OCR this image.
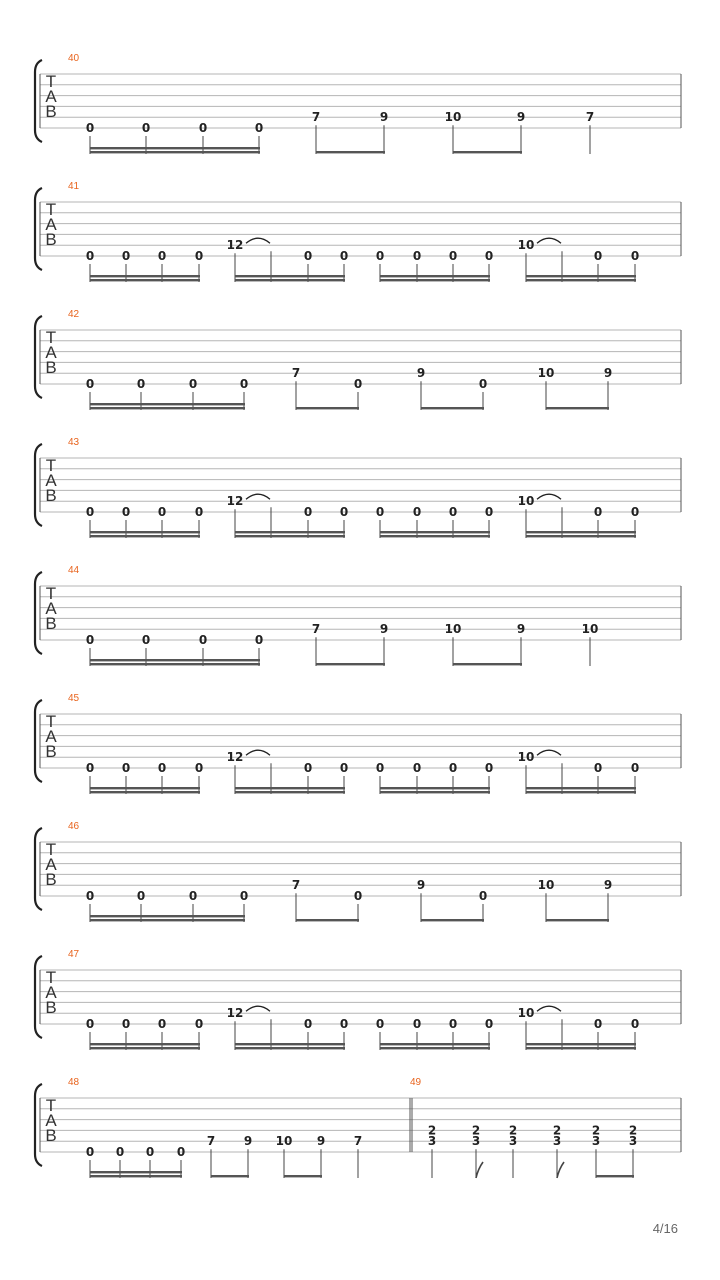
T
A
B
40
0	0	0	0
7	9	10	9	7
T
A
B
41
0 0 0 0
12
0 0 0 0 0 0
10
0 0
T
A
B
42
0	0	0	0
7
0
9
0
10	9
T
A
B
43
0 0 0 0
12
0 0 0 0 0 0
10
0 0
T
A
B
44
0	0	0	0
7	9	10	9	10
T
A
B
45
0 0 0 0
12
0 0 0 0 0 0
10
0 0
T
A
B
46
0	0	0	0
7
0
9
0
10	9
T
A
B
47
0 0 0 0
12
0 0 0 0 0 0
10
0 0
T
A
B
48
0 0 0 0
7 9 10 9 7
49
2
3
2
3
2
3
2
3
2
3
2
3
4/16
